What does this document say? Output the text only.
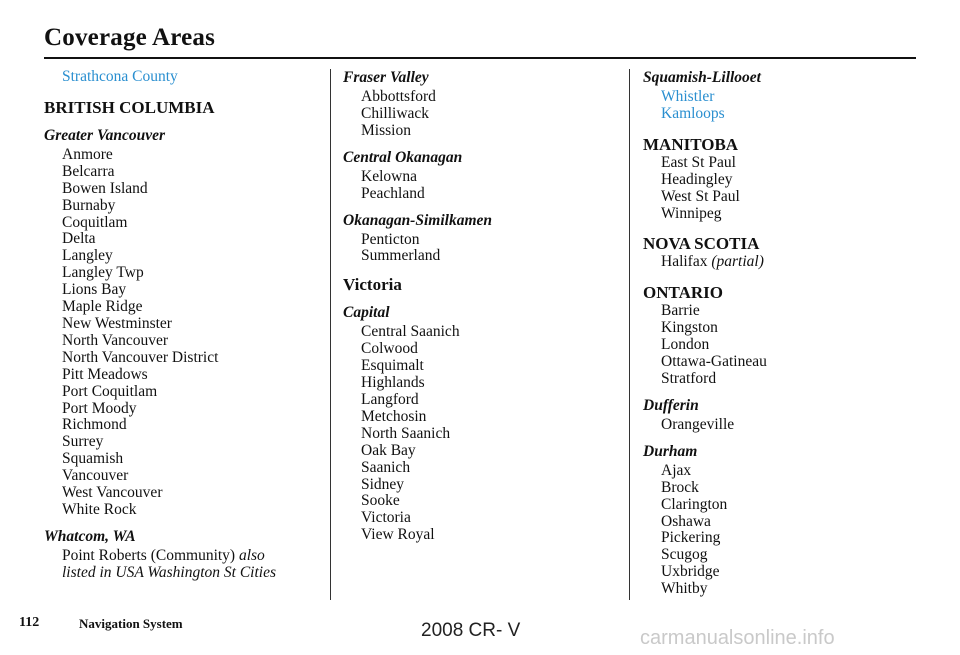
Coverage Areas
Strathcona County
BRITISH COLUMBIA
Greater Vancouver
Anmore
Belcarra
Bowen Island
Burnaby
Coquitlam
Delta
Langley
Langley Twp
Lions Bay
Maple Ridge
New Westminster
North Vancouver
North Vancouver District
Pitt Meadows
Port Coquitlam
Port Moody
Richmond
Surrey
Squamish
Vancouver
West Vancouver
White Rock
Whatcom, WA
Point Roberts (Community) also
listed in USA Washington St Cities
Fraser Valley
Abbottsford
Chilliwack
Mission
Central Okanagan
Kelowna
Peachland
Okanagan-Similkamen
Penticton
Summerland
Victoria
Capital
Central Saanich
Colwood
Esquimalt
Highlands
Langford
Metchosin
North Saanich
Oak Bay
Saanich
Sidney
Sooke
Victoria
View Royal
Squamish-Lillooet
Whistler
Kamloops
MANITOBA
East St Paul
Headingley
West St Paul
Winnipeg
NOVA SCOTIA
Halifax (partial)
ONTARIO
Barrie
Kingston
London
Ottawa-Gatineau
Stratford
Dufferin
Orangeville
Durham
Ajax
Brock
Clarington
Oshawa
Pickering
Scugog
Uxbridge
Whitby
112	Navigation System	2008 CR- V	carmanualsonline.info
